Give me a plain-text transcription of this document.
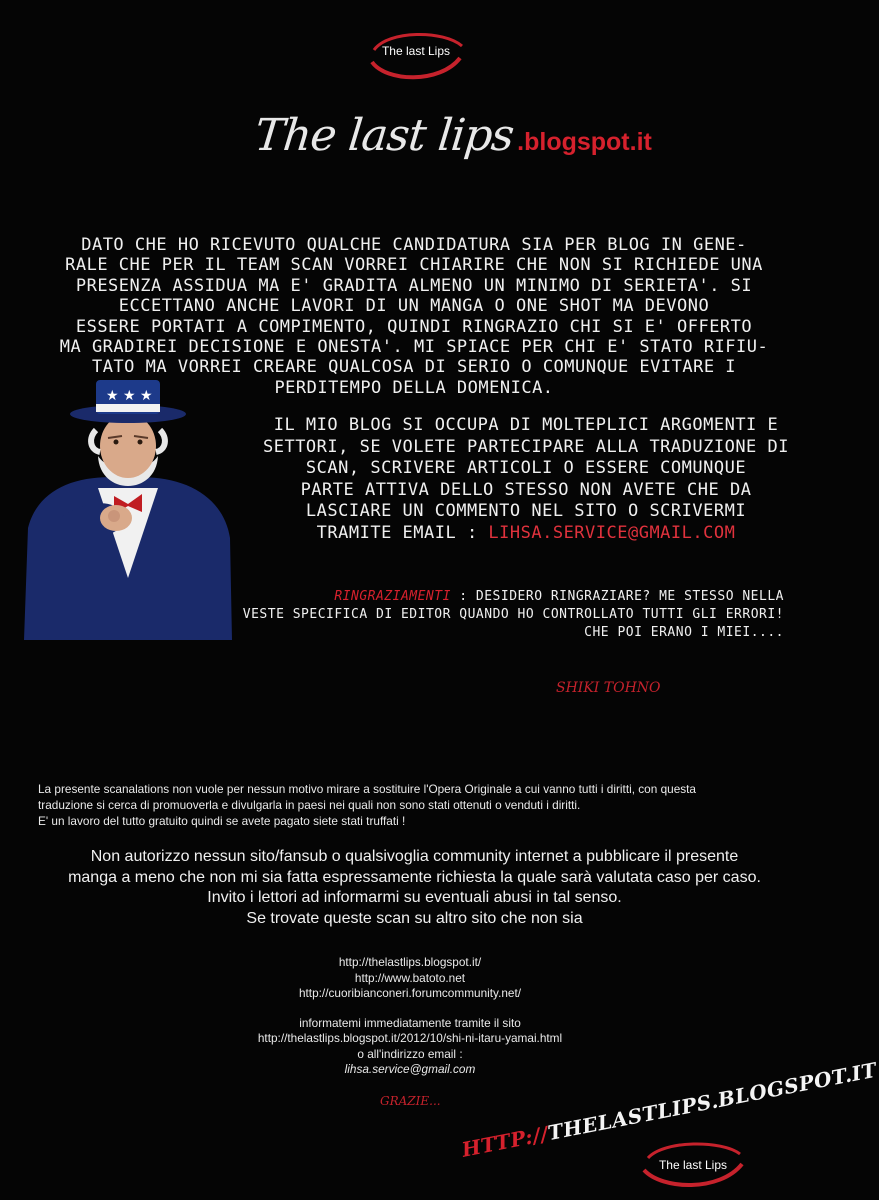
The last Lips
The last lips.blogspot.it
DATO CHE HO RICEVUTO QUALCHE CANDIDATURA SIA PER BLOG IN GENE-
RALE CHE PER IL TEAM SCAN VORREI CHIARIRE CHE NON SI RICHIEDE UNA
PRESENZA ASSIDUA MA E' GRADITA ALMENO UN MINIMO DI SERIETA'. SI
ECCETTANO ANCHE LAVORI DI UN MANGA O ONE SHOT MA DEVONO
ESSERE PORTATI A COMPIMENTO, QUINDI RINGRAZIO CHI SI E' OFFERTO
MA GRADIREI DECISIONE E ONESTA'. MI SPIACE PER CHI E' STATO RIFIU-
TATO MA VORREI CREARE QUALCOSA DI SERIO O COMUNQUE EVITARE I
PERDITEMPO DELLA DOMENICA.
★ ★ ★
IL MIO BLOG SI OCCUPA DI MOLTEPLICI ARGOMENTI E
SETTORI, SE VOLETE PARTECIPARE ALLA TRADUZIONE DI
SCAN, SCRIVERE ARTICOLI O ESSERE COMUNQUE
PARTE ATTIVA DELLO STESSO NON AVETE CHE DA
LASCIARE UN COMMENTO NEL SITO O SCRIVERMI
TRAMITE EMAIL : LIHSA.SERVICE@GMAIL.COM
RINGRAZIAMENTI : DESIDERO RINGRAZIARE? ME STESSO NELLA
VESTE SPECIFICA DI EDITOR QUANDO HO CONTROLLATO TUTTI GLI ERRORI!
CHE POI ERANO I MIEI....
SHIKI TOHNO
La presente scanalations non vuole per nessun motivo mirare a sostituire l'Opera Originale a cui vanno tutti i diritti, con questa
traduzione si cerca di promuoverla e divulgarla in paesi nei quali non sono stati ottenuti o venduti i diritti.
E' un lavoro del tutto gratuito quindi se avete pagato siete stati truffati !
Non autorizzo nessun sito/fansub o qualsivoglia community internet a pubblicare il presente
manga a meno che non mi sia fatta espressamente richiesta la quale sarà valutata caso per caso.
Invito i lettori ad informarmi su eventuali abusi in tal senso.
Se trovate queste scan su altro sito che non sia
http://thelastlips.blogspot.it/
http://www.batoto.net
http://cuoribianconeri.forumcommunity.net/
informatemi immediatamente tramite il sito
http://thelastlips.blogspot.it/2012/10/shi-ni-itaru-yamai.html
o all'indirizzo email :
lihsa.service@gmail.com
GRAZIE...
HTTP://THELASTLIPS.BLOGSPOT.IT
The last Lips
